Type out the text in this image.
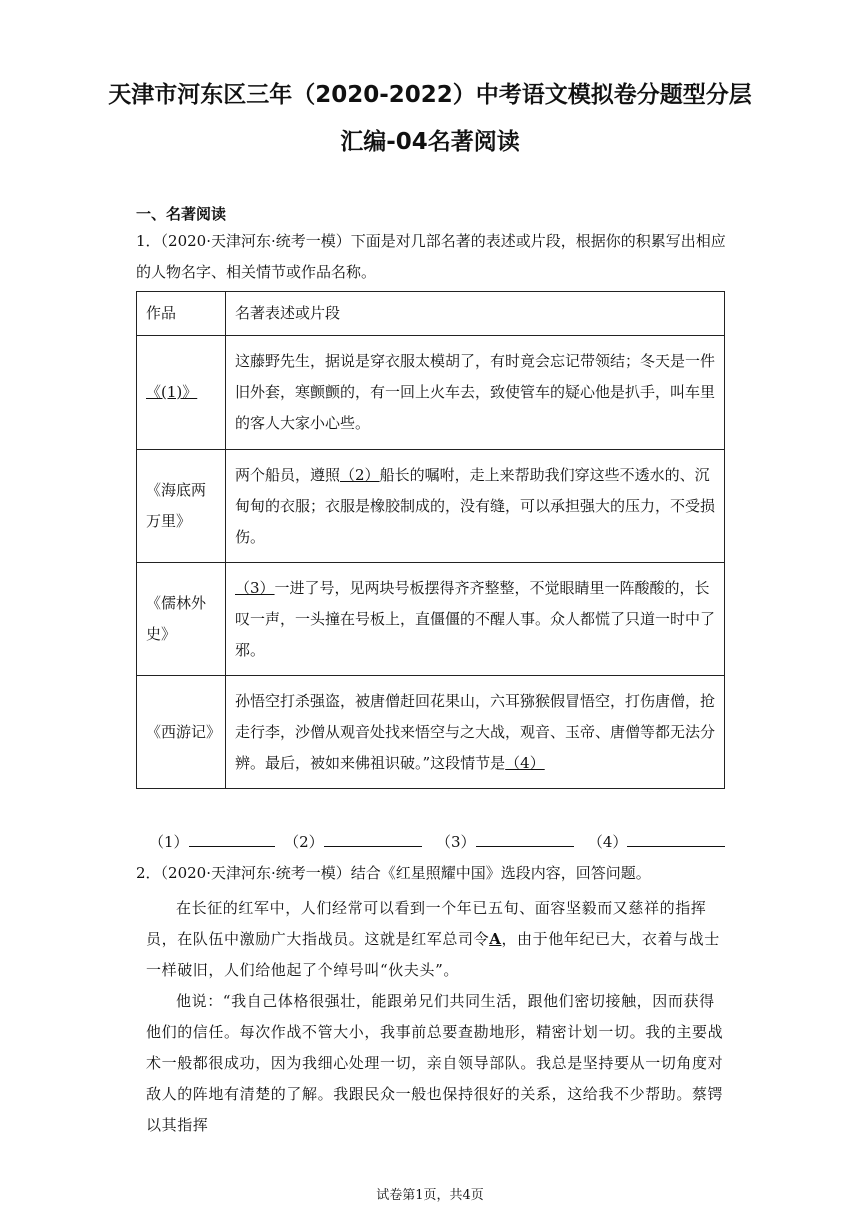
天津市河东区三年（2020-2022）中考语文模拟卷分题型分层
汇编-04名著阅读
一、名著阅读
1．（2020·天津河东·统考一模）下面是对几部名著的表述或片段，根据你的积累写出相应的人物名字、相关情节或作品名称。
作品	名著表述或片段
《(1)》	这藤野先生，据说是穿衣服太模胡了，有时竟会忘记带领结；冬天是一件旧外套，寒颤颤的，有一回上火车去，致使管车的疑心他是扒手，叫车里的客人大家小心些。
《海底两万里》	两个船员，遵照（2）船长的嘱咐，走上来帮助我们穿这些不透水的、沉甸甸的衣服；衣服是橡胶制成的，没有缝，可以承担强大的压力，不受损伤。
《儒林外史》	（3）一进了号，见两块号板摆得齐齐整整，不觉眼睛里一阵酸酸的，长叹一声，一头撞在号板上，直僵僵的不醒人事。众人都慌了只道一时中了邪。
《西游记》	孙悟空打杀强盗，被唐僧赶回花果山，六耳猕猴假冒悟空，打伤唐僧，抢走行李，沙僧从观音处找来悟空与之大战，观音、玉帝、唐僧等都无法分辨。最后，被如来佛祖识破。”这段情节是（4）
（1）	（2）	（3）	（4）
2．（2020·天津河东·统考一模）结合《红星照耀中国》选段内容，回答问题。
在长征的红军中，人们经常可以看到一个年已五旬、面容坚毅而又慈祥的指挥员，在队伍中激励广大指战员。这就是红军总司令A，由于他年纪已大，衣着与战士一样破旧，人们给他起了个绰号叫“伙夫头”。
他说：“我自己体格很强壮，能跟弟兄们共同生活，跟他们密切接触，因而获得他们的信任。每次作战不管大小，我事前总要查勘地形，精密计划一切。我的主要战术一般都很成功，因为我细心处理一切，亲自领导部队。我总是坚持要从一切角度对敌人的阵地有清楚的了解。我跟民众一般也保持很好的关系，这给我不少帮助。蔡锷以其指挥
试卷第1页，共4页
